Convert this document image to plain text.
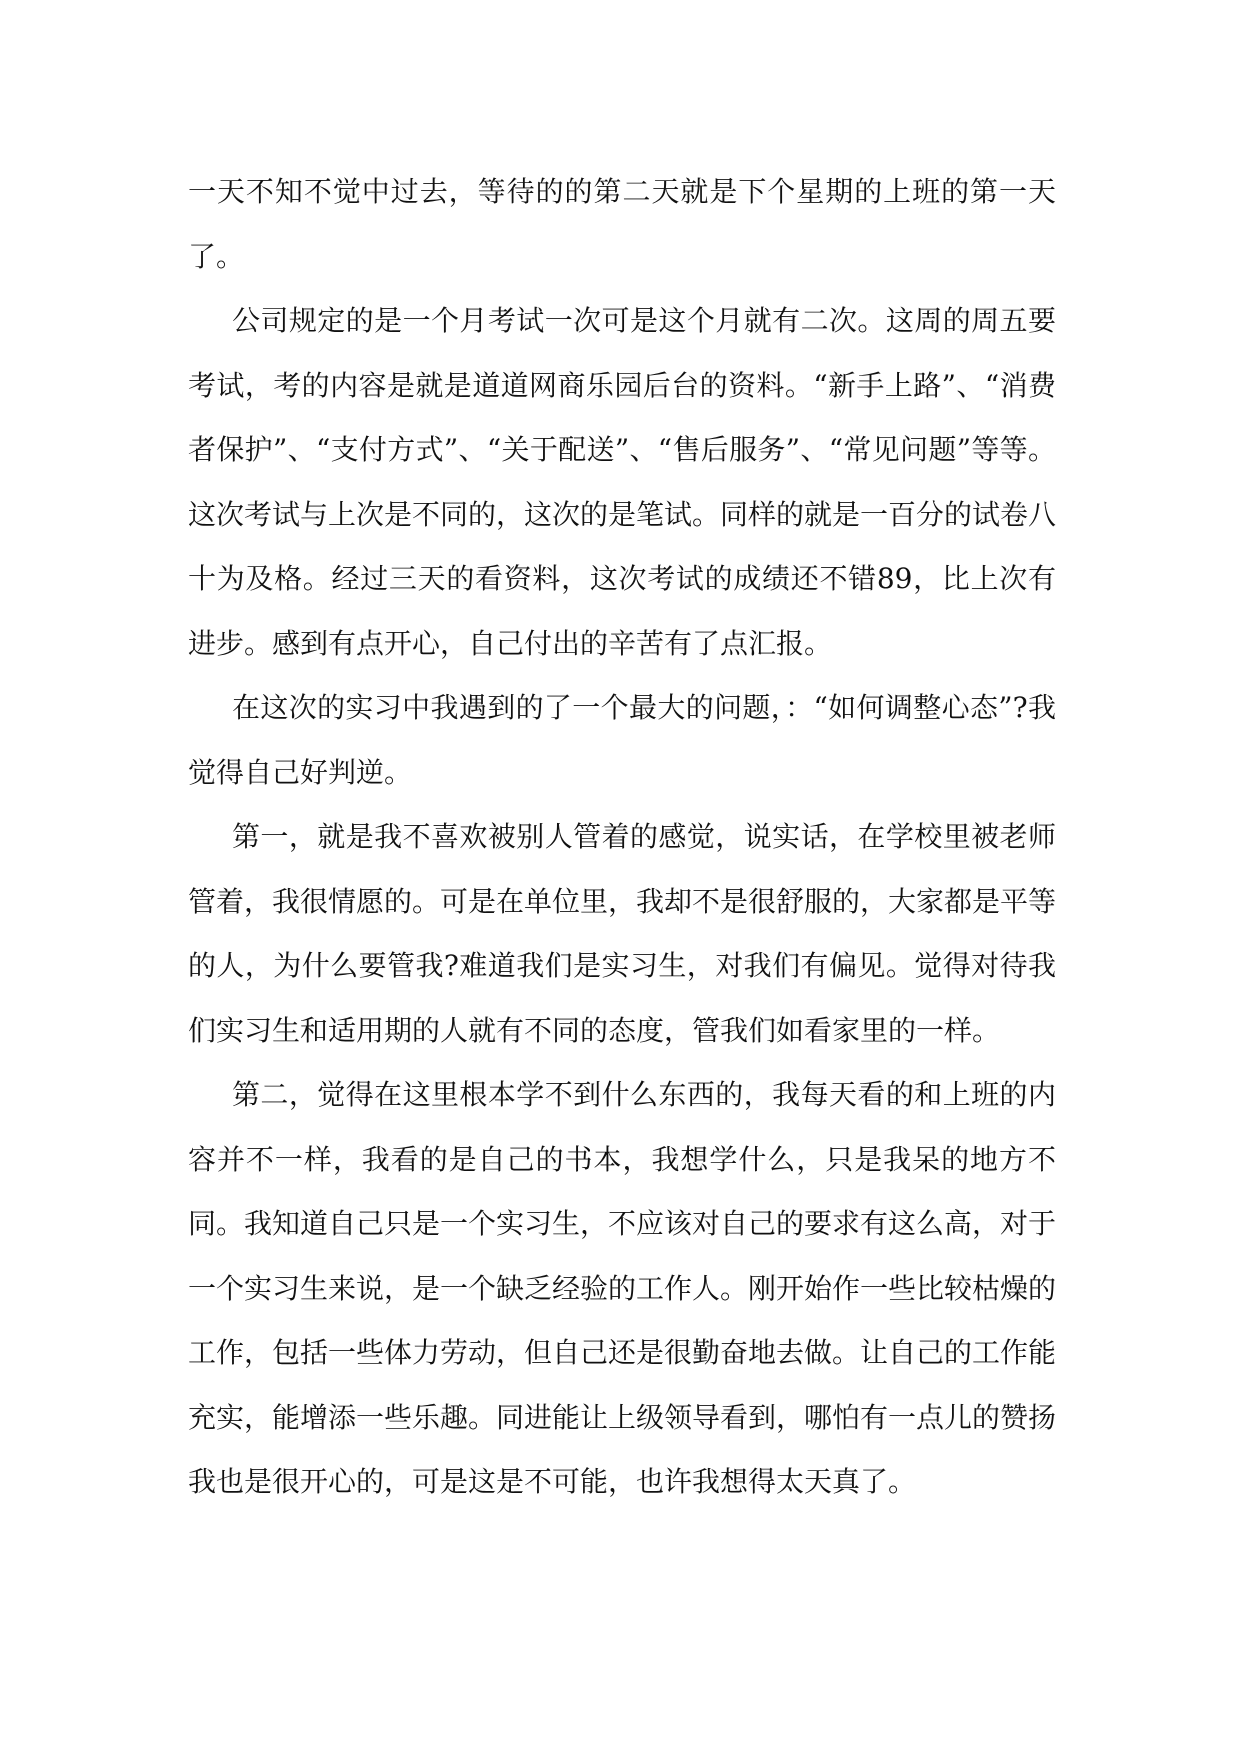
一天不知不觉中过去，等待的的第二天就是下个星期的上班的第一天了。

公司规定的是一个月考试一次可是这个月就有二次。这周的周五要考试，考的内容是就是道道网商乐园后台的资料。“新手上路”、“消费者保护”、“支付方式”、“关于配送”、“售后服务”、“常见问题”等等。这次考试与上次是不同的，这次的是笔试。同样的就是一百分的试卷八十为及格。经过三天的看资料，这次考试的成绩还不错89，比上次有进步。感到有点开心，自己付出的辛苦有了点汇报。

在这次的实习中我遇到的了一个最大的问题，：“如何调整心态”?我觉得自己好判逆。

第一，就是我不喜欢被别人管着的感觉，说实话，在学校里被老师管着，我很情愿的。可是在单位里，我却不是很舒服的，大家都是平等的人，为什么要管我?难道我们是实习生，对我们有偏见。觉得对待我们实习生和适用期的人就有不同的态度，管我们如看家里的一样。

第二，觉得在这里根本学不到什么东西的，我每天看的和上班的内容并不一样，我看的是自己的书本，我想学什么，只是我呆的地方不同。我知道自己只是一个实习生，不应该对自己的要求有这么高，对于一个实习生来说，是一个缺乏经验的工作人。刚开始作一些比较枯燥的工作，包括一些体力劳动，但自己还是很勤奋地去做。让自己的工作能充实，能增添一些乐趣。同进能让上级领导看到，哪怕有一点儿的赞扬我也是很开心的，可是这是不可能，也许我想得太天真了。
